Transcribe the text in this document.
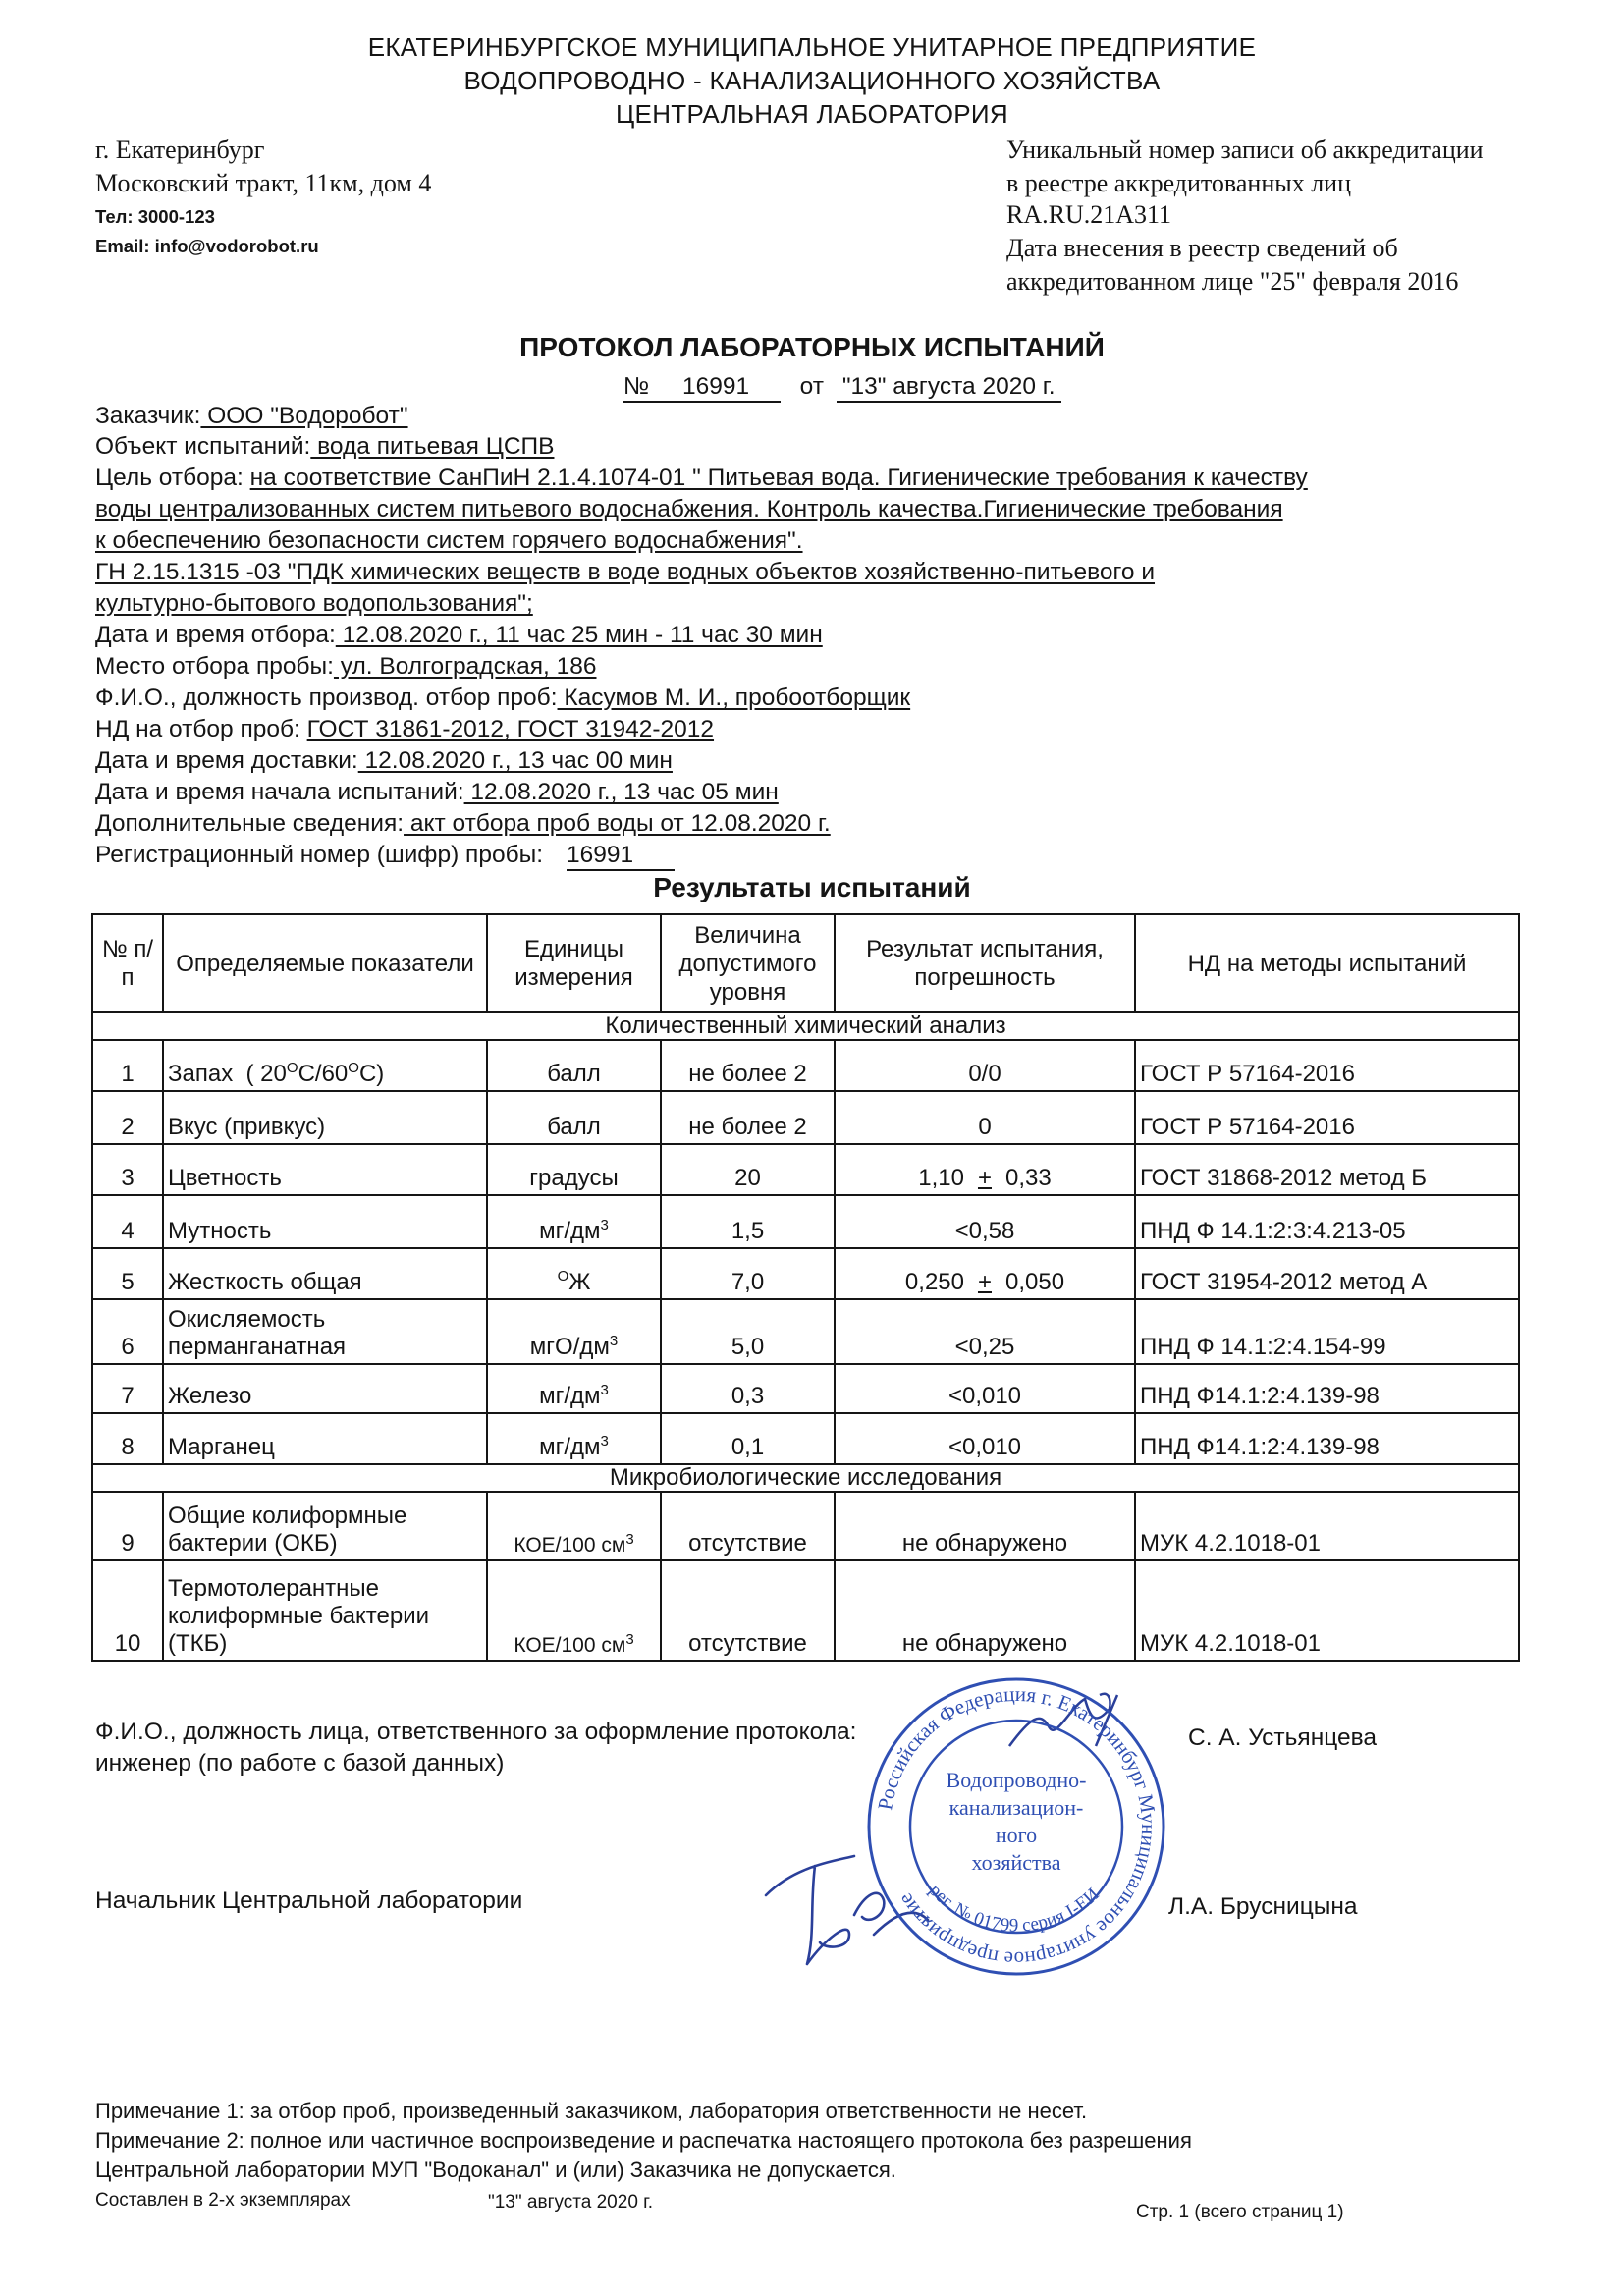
ЕКАТЕРИНБУРГСКОЕ МУНИЦИПАЛЬНОЕ УНИТАРНОЕ ПРЕДПРИЯТИЕ
ВОДОПРОВОДНО - КАНАЛИЗАЦИОННОГО ХОЗЯЙСТВА
ЦЕНТРАЛЬНАЯ ЛАБОРАТОРИЯ
г. Екатеринбург
Московский тракт, 11км, дом 4
Тел: 3000-123
Email: info@vodorobot.ru
Уникальный номер записи об аккредитации
в реестре аккредитованных лиц
RA.RU.21A311
Дата внесения в реестр сведений об
аккредитованном лице "25" февраля 2016
ПРОТОКОЛ ЛАБОРАТОРНЫХ ИСПЫТАНИЙ
№ 16991 от "13" августа 2020 г.
Заказчик: ООО "Водоробот"
Объект испытаний: вода питьевая ЦСПВ
Цель отбора: на соответствие СанПиН 2.1.4.1074-01 " Питьевая вода. Гигиенические требования к качеству
воды централизованных систем питьевого водоснабжения. Контроль качества.Гигиенические требования
к обеспечению безопасности систем горячего водоснабжения".
ГН 2.15.1315 -03 "ПДК химических веществ в воде водных объектов хозяйственно-питьевого и
культурно-бытового водопользования";
Дата и время отбора: 12.08.2020 г., 11 час 25 мин - 11 час 30 мин
Место отбора пробы: ул. Волгоградская, 186
Ф.И.О., должность производ. отбор проб: Касумов М. И., пробоотборщик
НД на отбор проб: ГОСТ 31861-2012, ГОСТ 31942-2012
Дата и время доставки: 12.08.2020 г., 13 час 00 мин
Дата и время начала испытаний: 12.08.2020 г., 13 час 05 мин
Дополнительные сведения: акт отбора проб воды от 12.08.2020 г.
Регистрационный номер (шифр) пробы: 16991
Результаты испытаний
№ п/п	Определяемые показатели	Единицы измерения	Величина допустимого уровня	Результат испытания, погрешность	НД на методы испытаний
Количественный химический анализ					
1	Запах  ( $20^ОС/60^ОС$)	балл	не более 2	0/0	ГОСТ Р 57164-2016
2	Вкус (привкус)	балл	не более 2	0	ГОСТ Р 57164-2016
3	Цветность	градусы	20	1,10 + 0,33	ГОСТ 31868-2012 метод Б
4	Мутность	$мг/дм^3$	1,5	<0,58	ПНД Ф 14.1:2:3:4.213-05
5	Жесткость общая	$^О$Ж	7,0	0,250 + 0,050	ГОСТ 31954-2012 метод А
6	Окисляемость
перманганатная	мгО/$дм^3$	5,0	<0,25	ПНД Ф 14.1:2:4.154-99
7	Железо	$мг/дм^3$	0,3	<0,010	ПНД Ф14.1:2:4.139-98
8	Марганец	$мг/дм^3$	0,1	<0,010	ПНД Ф14.1:2:4.139-98
Микробиологические исследования					
9	Общие колиформные
бактерии (ОКБ)	КОЕ/100 $см^3$	отсутствие	не обнаружено	МУК 4.2.1018-01
10	Термотолерантные
колиформные бактерии
(ТКБ)	КОЕ/100 $см^3$	отсутствие	не обнаружено	МУК 4.2.1018-01
Ф.И.О., должность лица, ответственного за оформление протокола:
инженер (по работе с базой данных)
С. А. Устьянцева
Начальник Центральной лаборатории	Л.А. Брусницына
Российская Федерация г. Екатеринбург Муниципальное унитарное предприятие рег. № 01799 серия I-ЕИ
Водопроводно-
канализацион-
ного
хозяйства
Примечание 1: за отбор проб, произведенный заказчиком, лаборатория ответственности не несет.
Примечание 2: полное или частичное воспроизведение и распечатка настоящего протокола без разрешения
Центральной лаборатории МУП "Водоканал" и (или) Заказчика не допускается.
Составлен в 2-х экземплярах	"13" августа 2020 г.	Стр. 1 (всего страниц 1)
